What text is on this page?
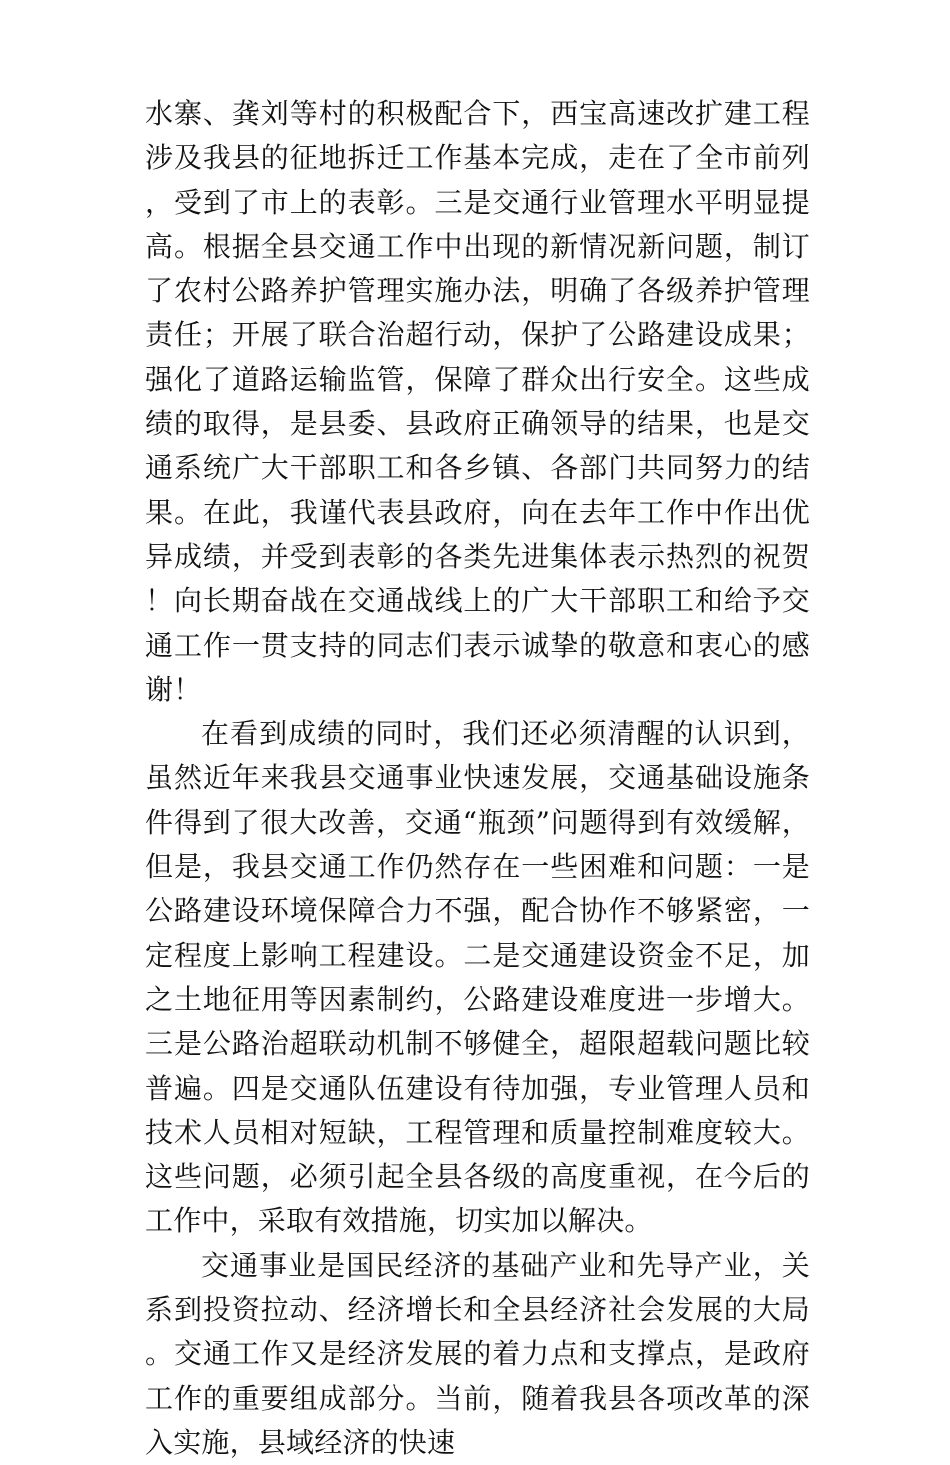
水寨、龚刘等村的积极配合下，西宝高速改扩建工程涉及我县的征地拆迁工作基本完成，走在了全市前列，受到了市上的表彰。三是交通行业管理水平明显提高。根据全县交通工作中出现的新情况新问题，制订了农村公路养护管理实施办法，明确了各级养护管理责任；开展了联合治超行动，保护了公路建设成果；强化了道路运输监管，保障了群众出行安全。这些成绩的取得，是县委、县政府正确领导的结果，也是交通系统广大干部职工和各乡镇、各部门共同努力的结果。在此，我谨代表县政府，向在去年工作中作出优异成绩，并受到表彰的各类先进集体表示热烈的祝贺！向长期奋战在交通战线上的广大干部职工和给予交通工作一贯支持的同志们表示诚挚的敬意和衷心的感谢！

在看到成绩的同时，我们还必须清醒的认识到，虽然近年来我县交通事业快速发展，交通基础设施条件得到了很大改善，交通“瓶颈”问题得到有效缓解，但是，我县交通工作仍然存在一些困难和问题：一是公路建设环境保障合力不强，配合协作不够紧密，一定程度上影响工程建设。二是交通建设资金不足，加之土地征用等因素制约，公路建设难度进一步增大。三是公路治超联动机制不够健全，超限超载问题比较普遍。四是交通队伍建设有待加强，专业管理人员和技术人员相对短缺，工程管理和质量控制难度较大。这些问题，必须引起全县各级的高度重视，在今后的工作中，采取有效措施，切实加以解决。

交通事业是国民经济的基础产业和先导产业，关系到投资拉动、经济增长和全县经济社会发展的大局。交通工作又是经济发展的着力点和支撑点，是政府工作的重要组成部分。当前，随着我县各项改革的深入实施，县域经济的快速
